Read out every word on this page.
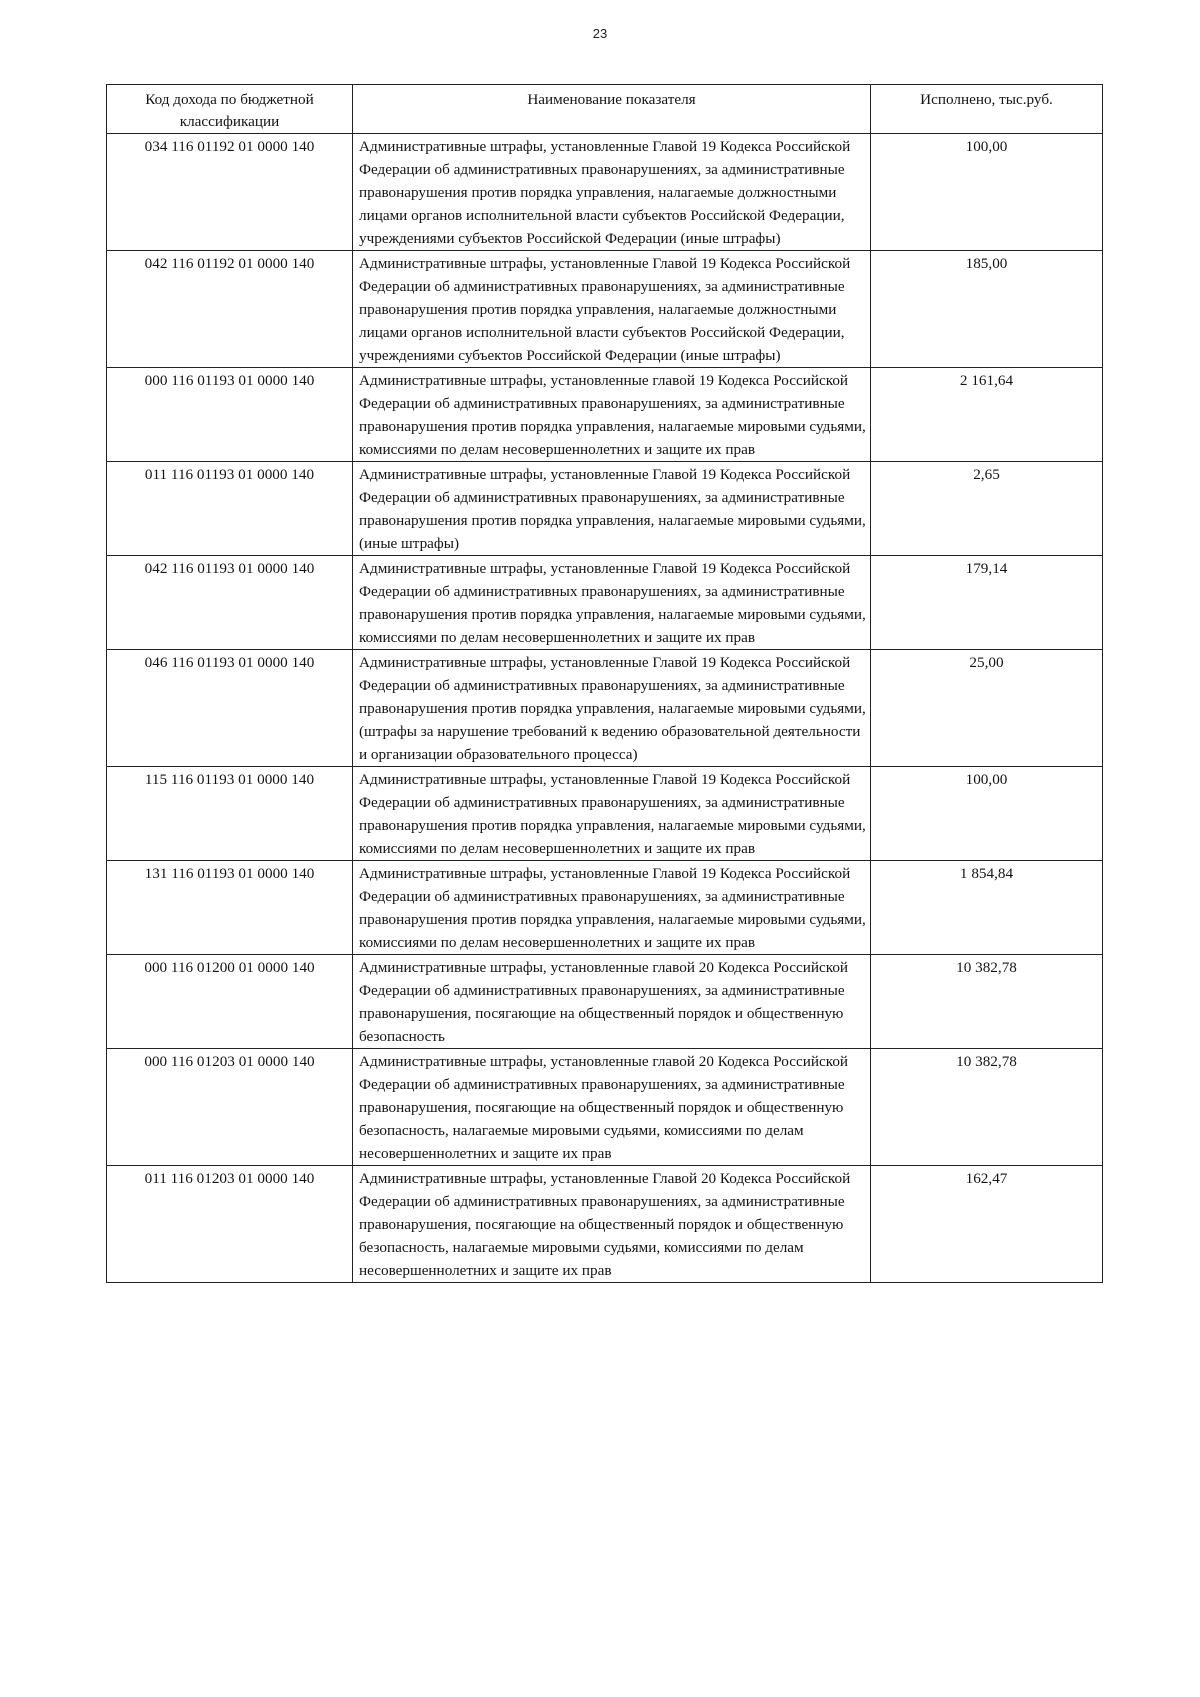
23
Код дохода по бюджетной классификации	Наименование показателя	Исполнено, тыс.руб.
034 116 01192 01 0000 140	Административные штрафы, установленные Главой 19 Кодекса Российской Федерации об административных правонарушениях, за административные правонарушения против порядка управления, налагаемые должностными лицами органов исполнительной власти субъектов Российской Федерации, учреждениями субъектов Российской Федерации (иные штрафы)	100,00
042 116 01192 01 0000 140	Административные штрафы, установленные Главой 19 Кодекса Российской Федерации об административных правонарушениях, за административные правонарушения против порядка управления, налагаемые должностными лицами органов исполнительной власти субъектов Российской Федерации, учреждениями субъектов Российской Федерации (иные штрафы)	185,00
000 116 01193 01 0000 140	Административные штрафы, установленные главой 19 Кодекса Российской Федерации об административных правонарушениях, за административные правонарушения против порядка управления, налагаемые мировыми судьями, комиссиями по делам несовершеннолетних и защите их прав	2 161,64
011 116 01193 01 0000 140	Административные штрафы, установленные Главой 19 Кодекса Российской Федерации об административных правонарушениях, за административные правонарушения против порядка управления, налагаемые мировыми судьями, (иные штрафы)	2,65
042 116 01193 01 0000 140	Административные штрафы, установленные Главой 19 Кодекса Российской Федерации об административных правонарушениях, за административные правонарушения против порядка управления, налагаемые мировыми судьями, комиссиями по делам несовершеннолетних и защите их прав	179,14
046 116 01193 01 0000 140	Административные штрафы, установленные Главой 19 Кодекса Российской Федерации об административных правонарушениях, за административные правонарушения против порядка управления, налагаемые мировыми судьями, (штрафы за нарушение требований к ведению образовательной деятельности и организации образовательного процесса)	25,00
115 116 01193 01 0000 140	Административные штрафы, установленные Главой 19 Кодекса Российской Федерации об административных правонарушениях, за административные правонарушения против порядка управления, налагаемые мировыми судьями, комиссиями по делам несовершеннолетних и защите их прав	100,00
131 116 01193 01 0000 140	Административные штрафы, установленные Главой 19 Кодекса Российской Федерации об административных правонарушениях, за административные правонарушения против порядка управления, налагаемые мировыми судьями, комиссиями по делам несовершеннолетних и защите их прав	1 854,84
000 116 01200 01 0000 140	Административные штрафы, установленные главой 20 Кодекса Российской Федерации об административных правонарушениях, за административные правонарушения, посягающие на общественный порядок и общественную безопасность	10 382,78
000 116 01203 01 0000 140	Административные штрафы, установленные главой 20 Кодекса Российской Федерации об административных правонарушениях, за административные правонарушения, посягающие на общественный порядок и общественную безопасность, налагаемые мировыми судьями, комиссиями по делам несовершеннолетних и защите их прав	10 382,78
011 116 01203 01 0000 140	Административные штрафы, установленные Главой 20 Кодекса Российской Федерации об административных правонарушениях, за административные правонарушения, посягающие на общественный порядок и общественную безопасность, налагаемые мировыми судьями, комиссиями по делам несовершеннолетних и защите их прав	162,47
